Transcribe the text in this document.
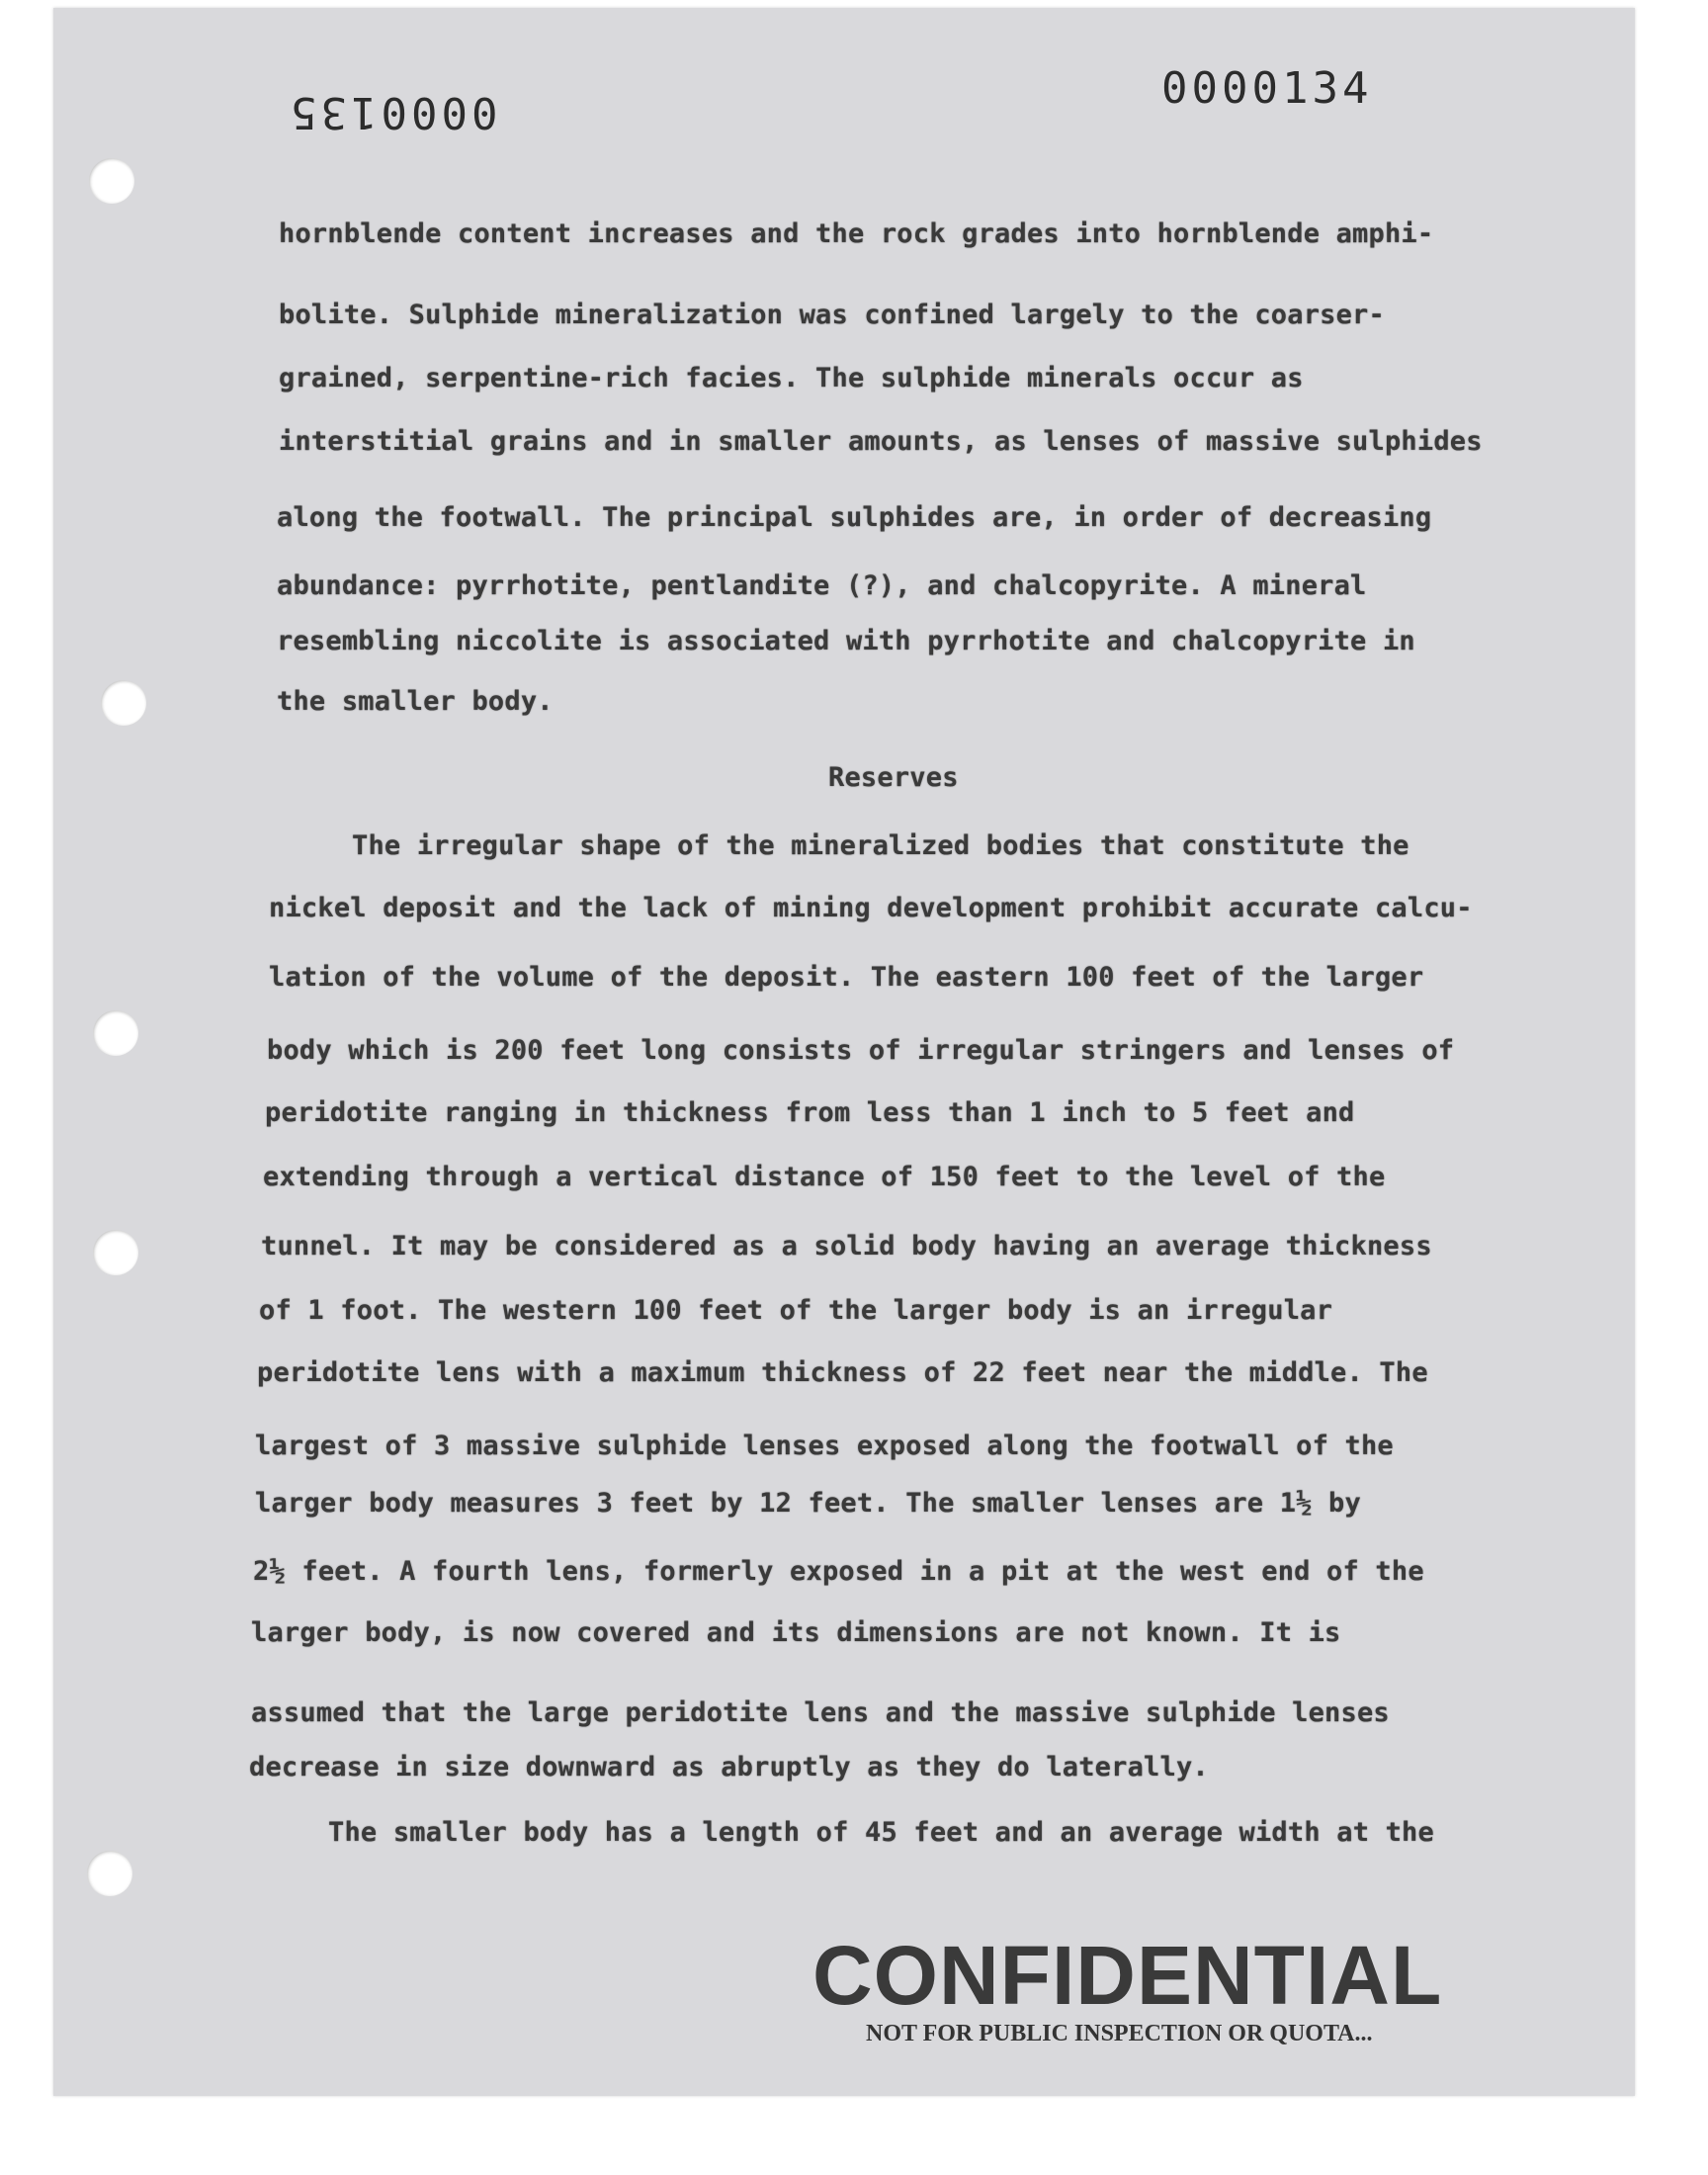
0000135	0000134
hornblende content increases and the rock grades into hornblende amphi-
bolite. Sulphide mineralization was confined largely to the coarser-
grained, serpentine-rich facies. The sulphide minerals occur as
interstitial grains and in smaller amounts, as lenses of massive sulphides
along the footwall. The principal sulphides are, in order of decreasing
abundance: pyrrhotite, pentlandite (?), and chalcopyrite. A mineral
resembling niccolite is associated with pyrrhotite and chalcopyrite in
the smaller body.
Reserves
The irregular shape of the mineralized bodies that constitute the
nickel deposit and the lack of mining development prohibit accurate calcu-
lation of the volume of the deposit. The eastern 100 feet of the larger
body which is 200 feet long consists of irregular stringers and lenses of
peridotite ranging in thickness from less than 1 inch to 5 feet and
extending through a vertical distance of 150 feet to the level of the
tunnel. It may be considered as a solid body having an average thickness
of 1 foot. The western 100 feet of the larger body is an irregular
peridotite lens with a maximum thickness of 22 feet near the middle. The
largest of 3 massive sulphide lenses exposed along the footwall of the
larger body measures 3 feet by 12 feet. The smaller lenses are 1½ by
2½ feet. A fourth lens, formerly exposed in a pit at the west end of the
larger body, is now covered and its dimensions are not known. It is
assumed that the large peridotite lens and the massive sulphide lenses
decrease in size downward as abruptly as they do laterally.
The smaller body has a length of 45 feet and an average width at the
CONFIDENTIAL
NOT FOR PUBLIC INSPECTION OR QUOTA...
